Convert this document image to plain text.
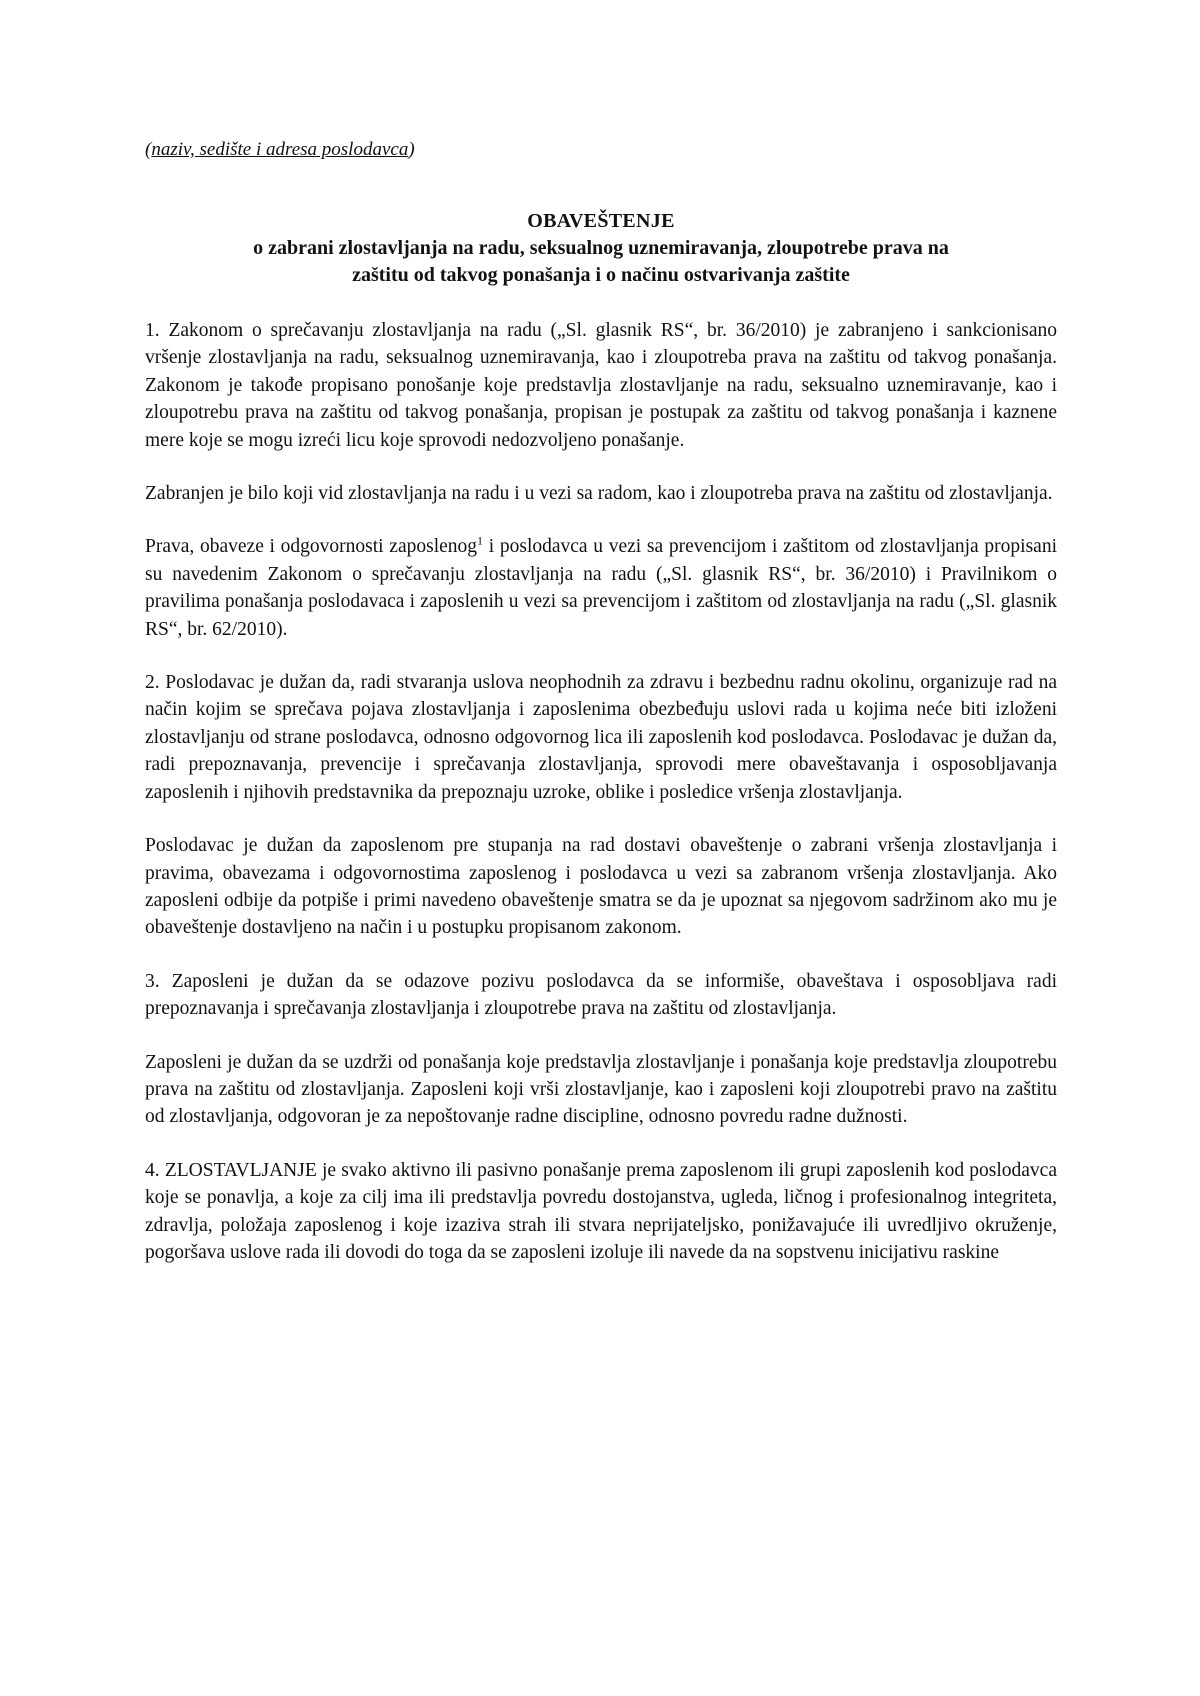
(naziv, sedište i adresa poslodavca)

OBAVEŠTENJE
o zabrani zlostavljanja na radu, seksualnog uznemiravanja, zloupotrebe prava na
zaštitu od takvog ponašanja i o načinu ostvarivanja zaštite

1. Zakonom o sprečavanju zlostavljanja na radu („Sl. glasnik RS“, br. 36/2010) je zabranjeno i sankcionisano vršenje zlostavljanja na radu, seksualnog uznemiravanja, kao i zloupotreba prava na zaštitu od takvog ponašanja. Zakonom je takođe propisano ponošanje koje predstavlja zlostavljanje na radu, seksualno uznemiravanje, kao i zloupotrebu prava na zaštitu od takvog ponašanja, propisan je postupak za zaštitu od takvog ponašanja i kaznene mere koje se mogu izreći licu koje sprovodi nedozvoljeno ponašanje.

Zabranjen je bilo koji vid zlostavljanja na radu i u vezi sa radom, kao i zloupotreba prava na zaštitu od zlostavljanja.

Prava, obaveze i odgovornosti zaposlenog$^1$ i poslodavca u vezi sa prevencijom i zaštitom od zlostavljanja propisani su navedenim Zakonom o sprečavanju zlostavljanja na radu („Sl. glasnik RS“, br. 36/2010) i Pravilnikom o pravilima ponašanja poslodavaca i zaposlenih u vezi sa prevencijom i zaštitom od zlostavljanja na radu („Sl. glasnik RS“, br. 62/2010).

2. Poslodavac je dužan da, radi stvaranja uslova neophodnih za zdravu i bezbednu radnu okolinu, organizuje rad na način kojim se sprečava pojava zlostavljanja i zaposlenima obezbeđuju uslovi rada u kojima neće biti izloženi zlostavljanju od strane poslodavca, odnosno odgovornog lica ili zaposlenih kod poslodavca. Poslodavac je dužan da, radi prepoznavanja, prevencije i sprečavanja zlostavljanja, sprovodi mere obaveštavanja i osposobljavanja zaposlenih i njihovih predstavnika da prepoznaju uzroke, oblike i posledice vršenja zlostavljanja.

Poslodavac je dužan da zaposlenom pre stupanja na rad dostavi obaveštenje o zabrani vršenja zlostavljanja i pravima, obavezama i odgovornostima zaposlenog i poslodavca u vezi sa zabranom vršenja zlostavljanja. Ako zaposleni odbije da potpiše i primi navedeno obaveštenje smatra se da je upoznat sa njegovom sadržinom ako mu je obaveštenje dostavljeno na način i u postupku propisanom zakonom.

3. Zaposleni je dužan da se odazove pozivu poslodavca da se informiše, obaveštava i osposobljava radi prepoznavanja i sprečavanja zlostavljanja i zloupotrebe prava na zaštitu od zlostavljanja.

Zaposleni je dužan da se uzdrži od ponašanja koje predstavlja zlostavljanje i ponašanja koje predstavlja zloupotrebu prava na zaštitu od zlostavljanja. Zaposleni koji vrši zlostavljanje, kao i zaposleni koji zloupotrebi pravo na zaštitu od zlostavljanja, odgovoran je za nepoštovanje radne discipline, odnosno povredu radne dužnosti.

4. ZLOSTAVLJANJE je svako aktivno ili pasivno ponašanje prema zaposlenom ili grupi zaposlenih kod poslodavca koje se ponavlja, a koje za cilj ima ili predstavlja povredu dostojanstva, ugleda, ličnog i profesionalnog integriteta, zdravlja, položaja zaposlenog i koje izaziva strah ili stvara neprijateljsko, ponižavajuće ili uvredljivo okruženje, pogoršava uslove rada ili dovodi do toga da se zaposleni izoluje ili navede da na sopstvenu inicijativu raskine
